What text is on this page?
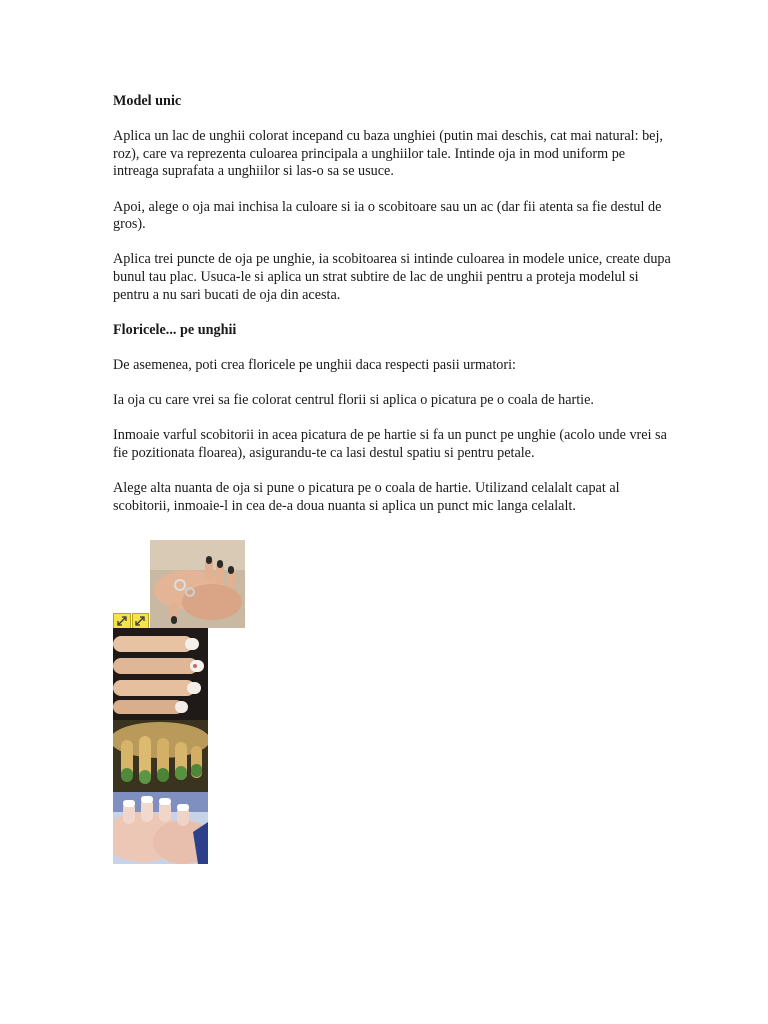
Model unic

Aplica un lac de unghii colorat incepand cu baza unghiei (putin mai deschis, cat mai natural: bej, roz), care va reprezenta culoarea principala a unghiilor tale. Intinde oja in mod uniform pe intreaga suprafata a unghiilor si las-o sa se usuce.

Apoi, alege o oja mai inchisa la culoare si ia o scobitoare sau un ac (dar fii atenta sa fie destul de gros).

Aplica trei puncte de oja pe unghie, ia scobitoarea si intinde culoarea in modele unice, create dupa bunul tau plac. Usuca-le si aplica un strat subtire de lac de unghii pentru a proteja modelul si pentru a nu sari bucati de oja din acesta.

Floricele... pe unghii

De asemenea, poti crea floricele pe unghii daca respecti pasii urmatori:

Ia oja cu care vrei sa fie colorat centrul florii si aplica o picatura pe o coala de hartie.

Inmoaie varful scobitorii in acea picatura de pe hartie si fa un punct pe unghie (acolo unde vrei sa fie pozitionata floarea), asigurandu-te ca lasi destul spatiu si pentru petale.

Alege alta nuanta de oja si pune o picatura pe o coala de hartie. Utilizand celalalt capat al scobitorii, inmoaie-l in cea de-a doua nuanta si aplica un punct mic langa celalalt.
